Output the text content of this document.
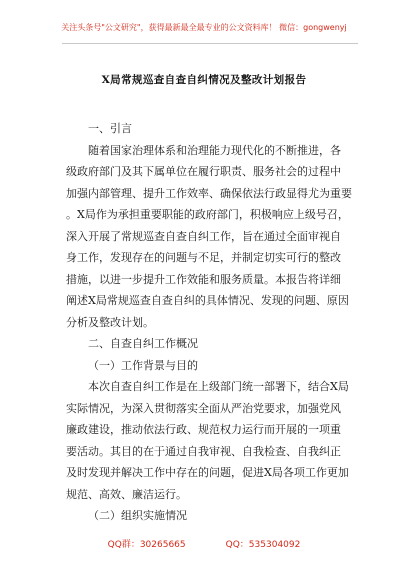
关注头条号"公文研究"，获得最新最全最专业的公文资料库！ 微信：gongwenyj
X局常规巡查自查自纠情况及整改计划报告
一、引言
随着国家治理体系和治理能力现代化的不断推进，各
级政府部门及其下属单位在履行职责、服务社会的过程中
加强内部管理、提升工作效率、确保依法行政显得尤为重要
。X局作为承担重要职能的政府部门，积极响应上级号召，
深入开展了常规巡查自查自纠工作，旨在通过全面审视自
身工作，发现存在的问题与不足，并制定切实可行的整改
措施，以进一步提升工作效能和服务质量。本报告将详细
阐述X局常规巡查自查自纠的具体情况、发现的问题、原因
分析及整改计划。
二、自查自纠工作概况
（一）工作背景与目的
本次自查自纠工作是在上级部门统一部署下，结合X局
实际情况，为深入贯彻落实全面从严治党要求，加强党风
廉政建设，推动依法行政、规范权力运行而开展的一项重
要活动。其目的在于通过自我审视、自我检查、自我纠正
及时发现并解决工作中存在的问题，促进X局各项工作更加
规范、高效、廉洁运行。
（二）组织实施情况
QQ群：30265665	QQ：535304092
